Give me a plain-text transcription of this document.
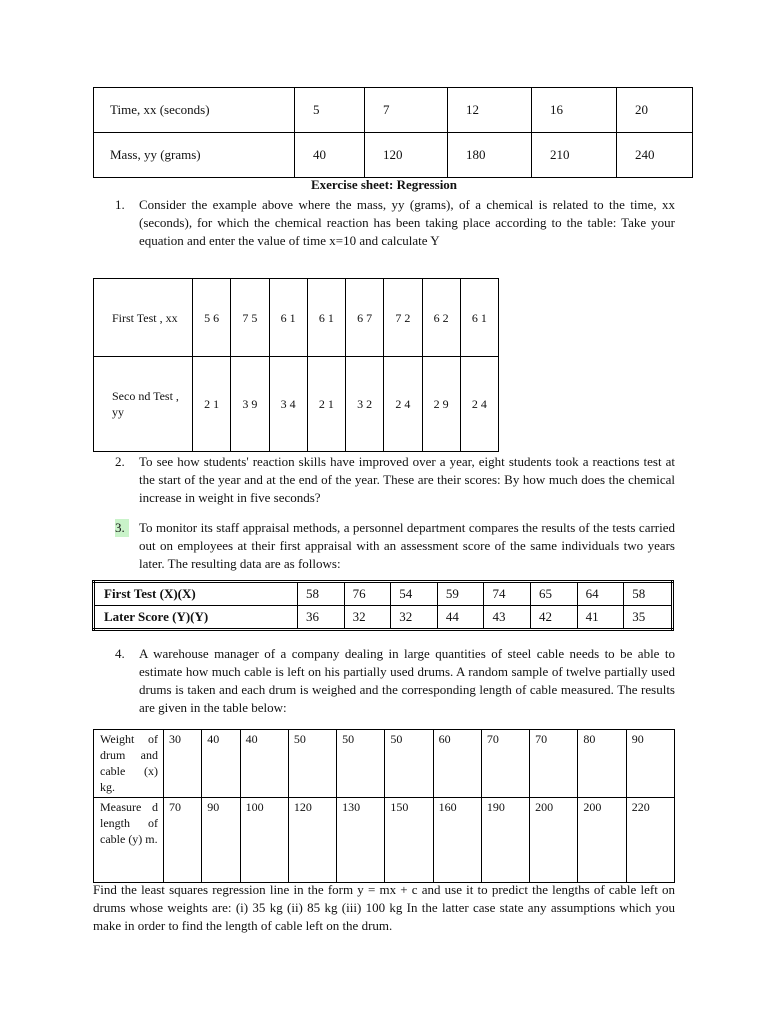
Time, xx (seconds)	5	7	12	16	20
Mass, yy (grams)	40	120	180	210	240
Exercise sheet: Regression
1. Consider the example above where the mass, yy (grams), of a chemical is related to the time, xx (seconds), for which the chemical reaction has been taking place according to the table: Take your equation and enter the value of time x=10 and calculate Y
First Test , xx	5 6	7 5	6 1	6 1	6 7	7 2	6 2	6 1
Seco nd Test , yy	2 1	3 9	3 4	2 1	3 2	2 4	2 9	2 4
2. To see how students' reaction skills have improved over a year, eight students took a reactions test at the start of the year and at the end of the year. These are their scores: By how much does the chemical increase in weight in five seconds?
3.	To monitor its staff appraisal methods, a personnel department compares the results of the tests carried out on employees at their first appraisal with an assessment score of the same individuals two years later. The resulting data are as follows:
First Test (X)(X)	58	76	54	59	74	65	64	58
Later Score (Y)(Y)	36	32	32	44	43	42	41	35
4. A warehouse manager of a company dealing in large quantities of steel cable needs to be able to estimate how much cable is left on his partially used drums. A random sample of twelve partially used drums is taken and each drum is weighed and the corresponding length of cable measured. The results are given in the table below:
Weight of drum and cable (x) kg.	30	40	40	50	50	50	60	70	70	80	90
Measure d length of cable (y) m.	70	90	100	120	130	150	160	190	200	200	220
Find the least squares regression line in the form y = mx + c and use it to predict the lengths of cable left on drums whose weights are: (i) 35 kg (ii) 85 kg (iii) 100 kg In the latter case state any assumptions which you make in order to find the length of cable left on the drum.
